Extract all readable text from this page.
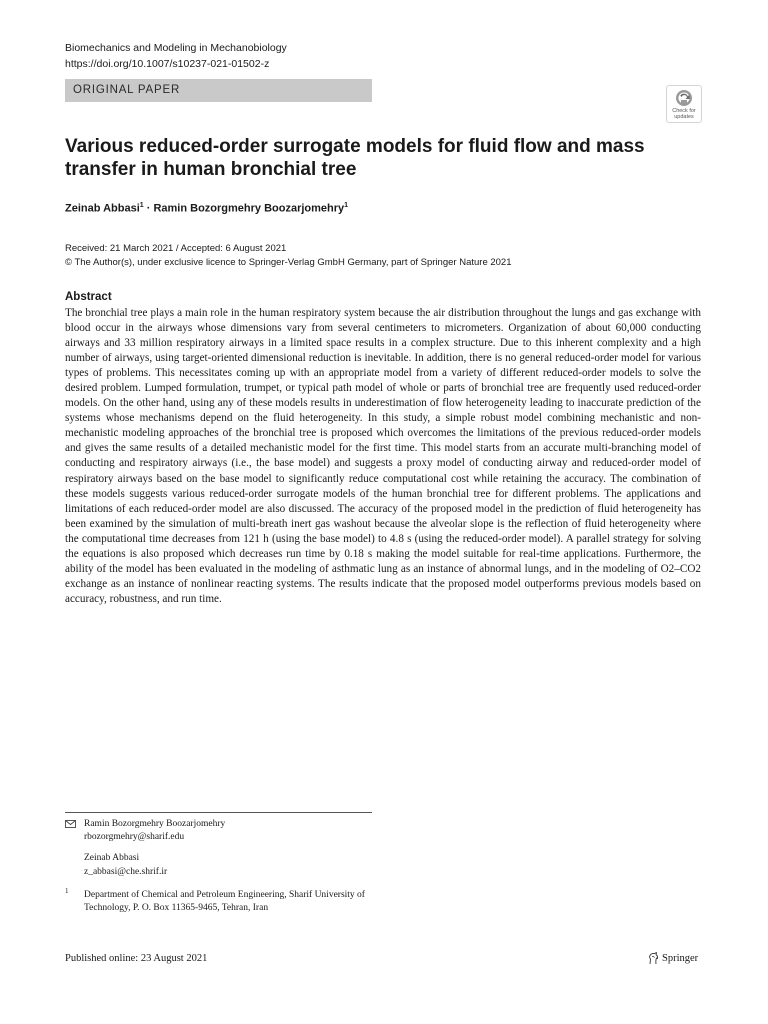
Biomechanics and Modeling in Mechanobiology
https://doi.org/10.1007/s10237-021-01502-z
ORIGINAL PAPER
Check for
updates
Various reduced-order surrogate models for fluid flow and mass transfer in human bronchial tree
Zeinab Abbasi$^1$ · Ramin Bozorgmehry Boozarjomehry$^1$
Received: 21 March 2021 / Accepted: 6 August 2021
© The Author(s), under exclusive licence to Springer-Verlag GmbH Germany, part of Springer Nature 2021
Abstract

The bronchial tree plays a main role in the human respiratory system because the air distribution throughout the lungs and gas exchange with blood occur in the airways whose dimensions vary from several centimeters to micrometers. Organization of about 60,000 conducting airways and 33 million respiratory airways in a limited space results in a complex structure. Due to this inherent complexity and a high number of airways, using target-oriented dimensional reduction is inevitable. In addition, there is no general reduced-order model for various types of problems. This necessitates coming up with an appropriate model from a variety of different reduced-order models to solve the desired problem. Lumped formulation, trumpet, or typical path model of whole or parts of bronchial tree are frequently used reduced-order models. On the other hand, using any of these models results in underestimation of flow heterogeneity leading to inaccurate prediction of the systems whose mechanisms depend on the fluid heterogeneity. In this study, a simple robust model combining mechanistic and non-mechanistic modeling approaches of the bronchial tree is proposed which overcomes the limitations of the previous reduced-order models and gives the same results of a detailed mechanistic model for the first time. This model starts from an accurate multi-branching model of conducting and respiratory airways (i.e., the base model) and suggests a proxy model of conducting airway and reduced-order model of respiratory airways based on the base model to significantly reduce computational cost while retaining the accuracy. The combination of these models suggests various reduced-order surrogate models of the human bronchial tree for different problems. The applications and limitations of each reduced-order model are also discussed. The accuracy of the proposed model in the prediction of fluid heterogeneity has been examined by the simulation of multi-breath inert gas washout because the alveolar slope is the reflection of fluid heterogeneity where the computational time decreases from 121 h (using the base model) to 4.8 s (using the reduced-order model). A parallel strategy for solving the equations is also proposed which decreases run time by 0.18 s making the model suitable for real-time applications. Furthermore, the ability of the model has been evaluated in the modeling of asthmatic lung as an instance of abnormal lungs, and in the modeling of O2–CO2 exchange as an instance of nonlinear reacting systems. The results indicate that the proposed model outperforms previous models based on accuracy, robustness, and run time.

Ramin Bozorgmehry Boozarjomehry
rbozorgmehry@sharif.edu
Zeinab Abbasi
z_abbasi@che.shrif.ir
1 Department of Chemical and Petroleum Engineering, Sharif University of Technology, P. O. Box 11365-9465, Tehran, Iran
Published online: 23 August 2021	Springer
